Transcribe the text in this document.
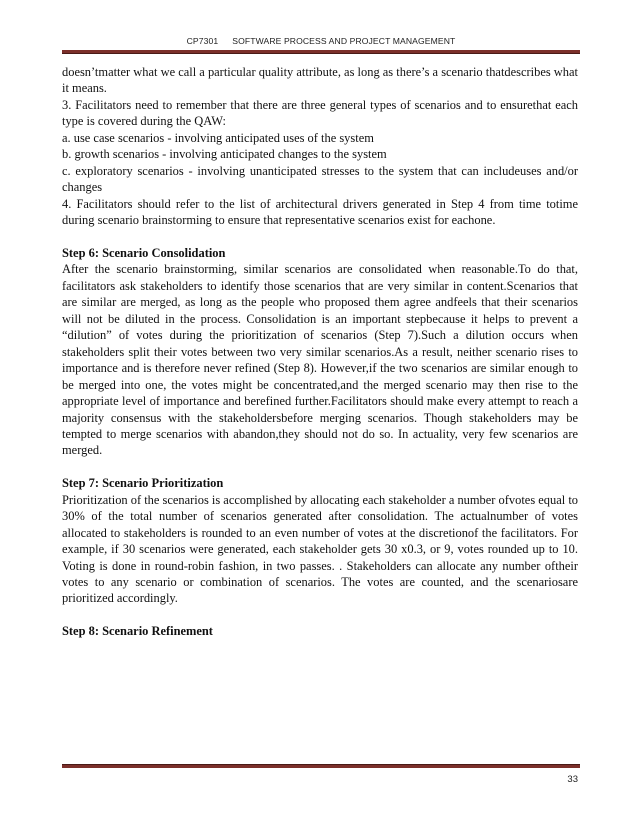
CP7301 SOFTWARE PROCESS AND PROJECT MANAGEMENT

doesn’tmatter what we call a particular quality attribute, as long as there’s a scenario thatdescribes what it means.

3. Facilitators need to remember that there are three general types of scenarios and to ensurethat each type is covered during the QAW:

a. use case scenarios - involving anticipated uses of the system

b. growth scenarios - involving anticipated changes to the system

c. exploratory scenarios - involving unanticipated stresses to the system that can includeuses and/or changes

4. Facilitators should refer to the list of architectural drivers generated in Step 4 from time totime during scenario brainstorming to ensure that representative scenarios exist for eachone.

Step 6: Scenario Consolidation

After the scenario brainstorming, similar scenarios are consolidated when reasonable.To do that, facilitators ask stakeholders to identify those scenarios that are very similar in content.Scenarios that are similar are merged, as long as the people who proposed them agree andfeels that their scenarios will not be diluted in the process. Consolidation is an important stepbecause it helps to prevent a “dilution” of votes during the prioritization of scenarios (Step 7).Such a dilution occurs when stakeholders split their votes between two very similar scenarios.As a result, neither scenario rises to importance and is therefore never refined (Step 8). However,if the two scenarios are similar enough to be merged into one, the votes might be concentrated,and the merged scenario may then rise to the appropriate level of importance and berefined further.Facilitators should make every attempt to reach a majority consensus with the stakeholdersbefore merging scenarios. Though stakeholders may be tempted to merge scenarios with abandon,they should not do so. In actuality, very few scenarios are merged.

Step 7: Scenario Prioritization

Prioritization of the scenarios is accomplished by allocating each stakeholder a number ofvotes equal to 30% of the total number of scenarios generated after consolidation. The actualnumber of votes allocated to stakeholders is rounded to an even number of votes at the discretionof the facilitators. For example, if 30 scenarios were generated, each stakeholder gets 30 x0.3, or 9, votes rounded up to 10. Voting is done in round-robin fashion, in two passes. . Stakeholders can allocate any number oftheir votes to any scenario or combination of scenarios. The votes are counted, and the scenariosare prioritized accordingly.

Step 8: Scenario Refinement

33
